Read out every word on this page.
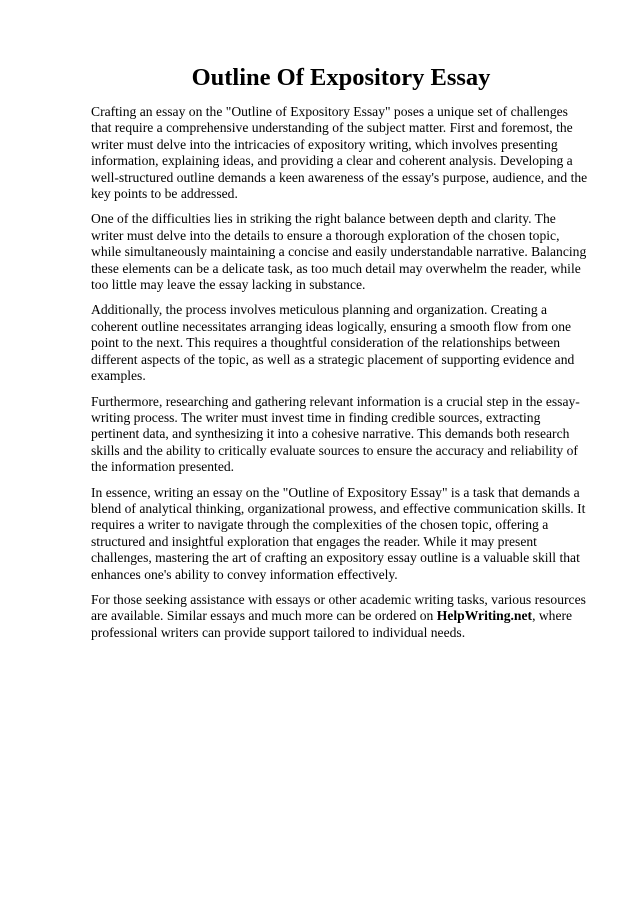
Outline Of Expository Essay

Crafting an essay on the "Outline of Expository Essay" poses a unique set of challenges that require a comprehensive understanding of the subject matter. First and foremost, the writer must delve into the intricacies of expository writing, which involves presenting information, explaining ideas, and providing a clear and coherent analysis. Developing a well-structured outline demands a keen awareness of the essay's purpose, audience, and the key points to be addressed.

One of the difficulties lies in striking the right balance between depth and clarity. The writer must delve into the details to ensure a thorough exploration of the chosen topic, while simultaneously maintaining a concise and easily understandable narrative. Balancing these elements can be a delicate task, as too much detail may overwhelm the reader, while too little may leave the essay lacking in substance.

Additionally, the process involves meticulous planning and organization. Creating a coherent outline necessitates arranging ideas logically, ensuring a smooth flow from one point to the next. This requires a thoughtful consideration of the relationships between different aspects of the topic, as well as a strategic placement of supporting evidence and examples.

Furthermore, researching and gathering relevant information is a crucial step in the essay-writing process. The writer must invest time in finding credible sources, extracting pertinent data, and synthesizing it into a cohesive narrative. This demands both research skills and the ability to critically evaluate sources to ensure the accuracy and reliability of the information presented.

In essence, writing an essay on the "Outline of Expository Essay" is a task that demands a blend of analytical thinking, organizational prowess, and effective communication skills. It requires a writer to navigate through the complexities of the chosen topic, offering a structured and insightful exploration that engages the reader. While it may present challenges, mastering the art of crafting an expository essay outline is a valuable skill that enhances one's ability to convey information effectively.

For those seeking assistance with essays or other academic writing tasks, various resources are available. Similar essays and much more can be ordered on HelpWriting.net, where professional writers can provide support tailored to individual needs.
